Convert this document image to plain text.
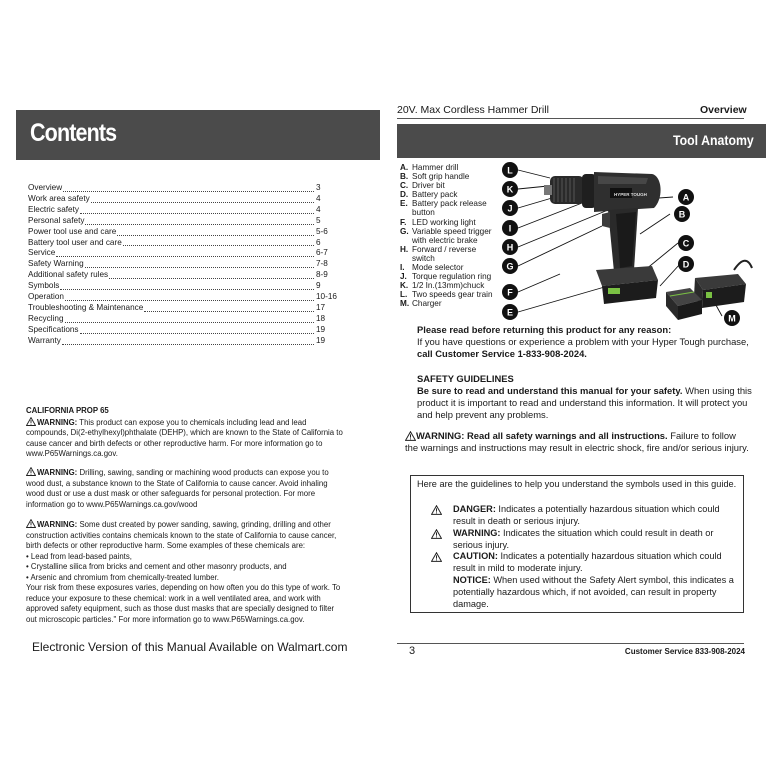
Contents
Overview	3
Work area safety	4
Electric safety	4
Personal safety	5
Power tool use and care	5-6
Battery tool user and care	6
Service	6-7
Safety Warning	7-8
Additional safety rules	8-9
Symbols	9
Operation	10-16
Troubleshooting & Maintenance	17
Recycling	18
Specifications	19
Warranty	19

CALIFORNIA PROP 65

WARNING: This product can expose you to chemicals including lead and lead compounds, Di(2-ethylhexyl)phthalate (DEHP), which are known to the State of California to cause cancer and birth defects or other reproductive harm. For more information go to www.P65Warnings.ca.gov.

WARNING: Drilling, sawing, sanding or machining wood products can expose you to wood dust, a substance known to the State of California to cause cancer. Avoid inhaling wood dust or use a dust mask or other safeguards for personal protection. For more information go to www.P65Warnings.ca.gov/wood

WARNING: Some dust created by power sanding, sawing, grinding, drilling and other construction activities contains chemicals known to the state of California to cause cancer, birth defects or other reproductive harm. Some examples of these chemicals are:

• Lead from lead-based paints,

• Crystalline silica from bricks and cement and other masonry products, and

• Arsenic and chromium from chemically-treated lumber.

Your risk from these exposures varies, depending on how often you do this type of work. To reduce your exposure to these chemical: work in a well ventilated area, and work with approved safety equipment, such as those dust masks that are specially designed to filter out microscopic particles." For more information go to www.P65Warnings.ca.gov.

Electronic Version of this Manual Available on Walmart.com
20V. Max Cordless Hammer Drill	Overview
Tool Anatomy
A. Hammer drill
B. Soft grip handle
C. Driver bit
D. Battery pack
E. Battery pack release button
F. LED working light
G. Variable speed trigger with electric brake
H. Forward / reverse switch
I. Mode selector
J. Torque regulation ring
K. 1/2 In.(13mm)chuck
L. Two speeds gear train
M. Charger
L
K
J
I
H
G
F
E
A
B
C
D
M
HYPER TOUGH

Please read before returning this product for any reason:

If you have questions or experience a problem with your Hyper Tough purchase,

call Customer Service 1-833-908-2024.

SAFETY GUIDELINES

Be sure to read and understand this manual for your safety. When using this product it is important to read and understand this information. It will protect you and help prevent any problems.

WARNING: Read all safety warnings and all instructions. Failure to follow the warnings and instructions may result in electric shock, fire and/or serious injury.

Here are the guidelines to help you understand the symbols used in this guide.
DANGER: Indicates a potentially hazardous situation which could result in death or serious injury.
WARNING: Indicates the situation which could result in death or serious injury.
CAUTION: Indicates a potentially hazardous situation which could result in mild to moderate injury.
NOTICE: When used without the Safety Alert symbol, this indicates a potentially hazardous which, if not avoided, can result in property damage.
3	Customer Service 833-908-2024
